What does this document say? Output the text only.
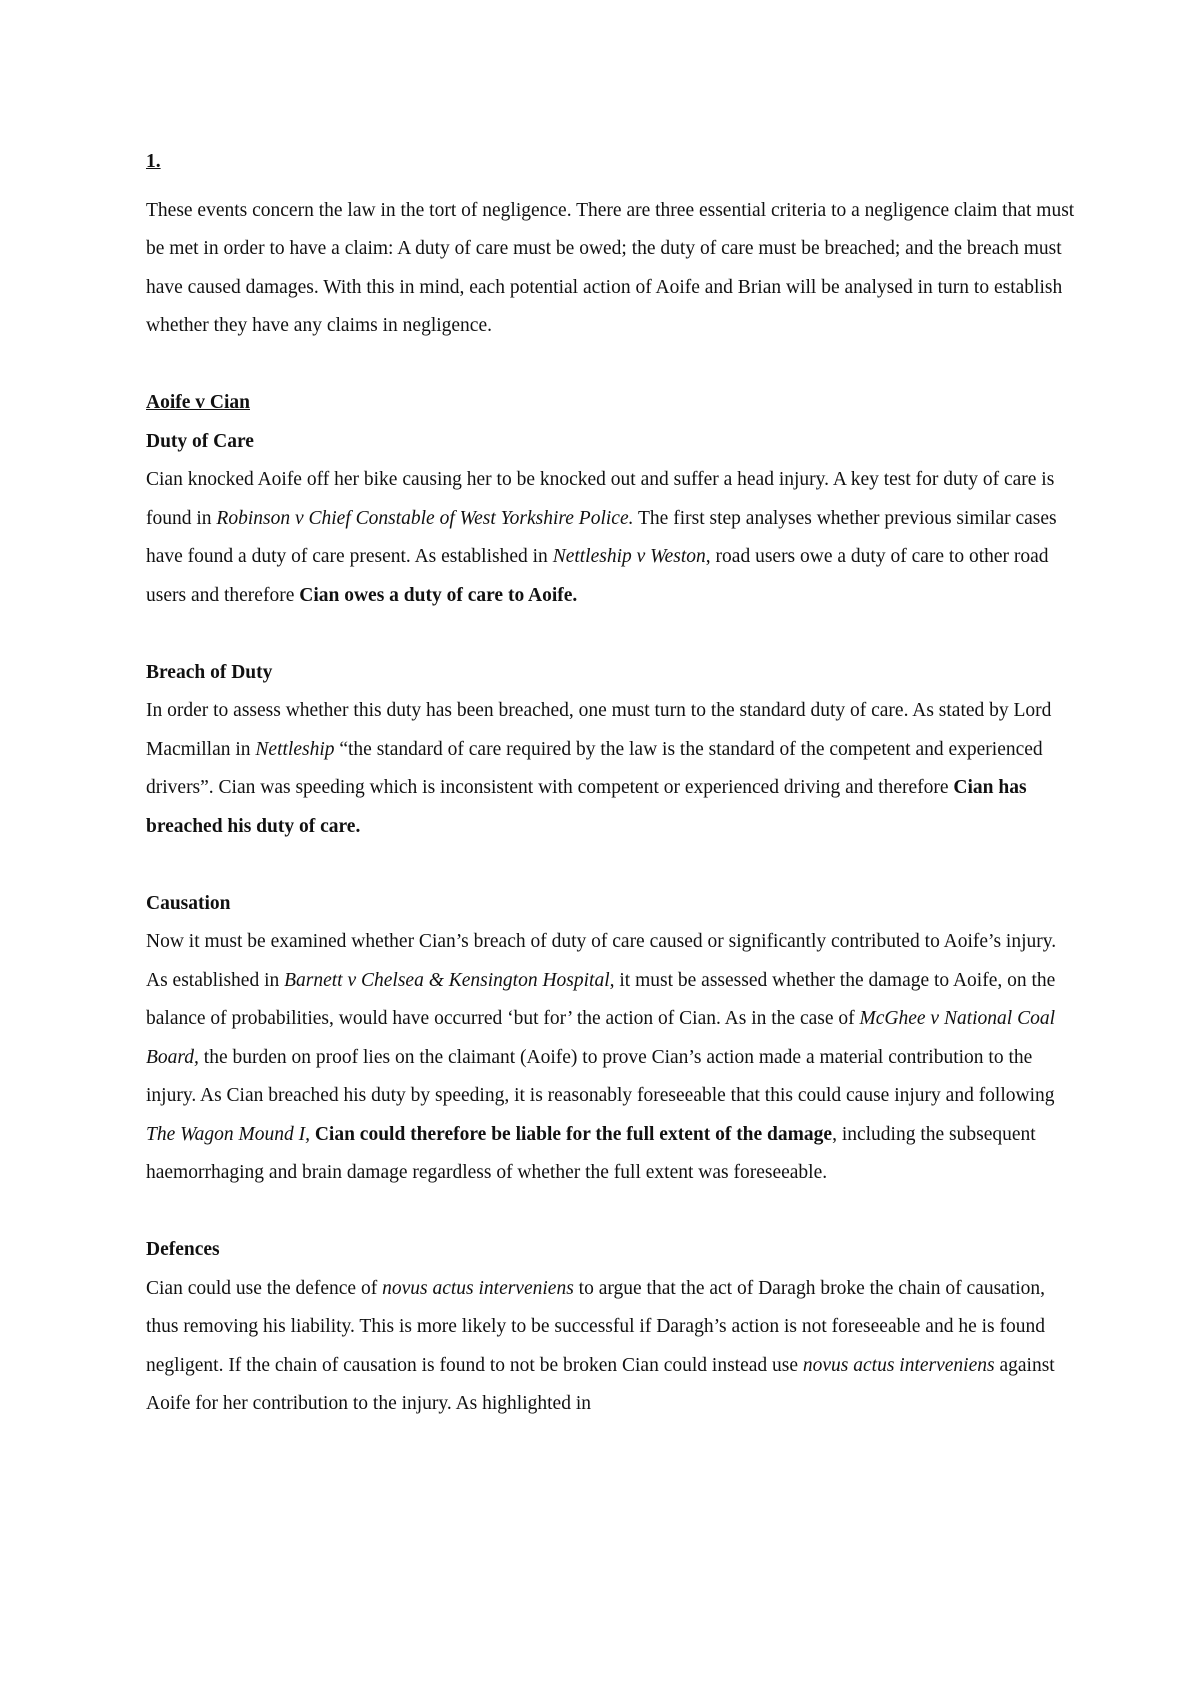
1.

These events concern the law in the tort of negligence. There are three essential criteria to a negligence claim that must be met in order to have a claim: A duty of care must be owed; the duty of care must be breached; and the breach must have caused damages. With this in mind, each potential action of Aoife and Brian will be analysed in turn to establish whether they have any claims in negligence.

Aoife v Cian

Duty of Care

Cian knocked Aoife off her bike causing her to be knocked out and suffer a head injury. A key test for duty of care is found in Robinson v Chief Constable of West Yorkshire Police. The first step analyses whether previous similar cases have found a duty of care present. As established in Nettleship v Weston, road users owe a duty of care to other road users and therefore Cian owes a duty of care to Aoife.

Breach of Duty

In order to assess whether this duty has been breached, one must turn to the standard duty of care. As stated by Lord Macmillan in Nettleship “the standard of care required by the law is the standard of the competent and experienced drivers”. Cian was speeding which is inconsistent with competent or experienced driving and therefore Cian has breached his duty of care.

Causation

Now it must be examined whether Cian’s breach of duty of care caused or significantly contributed to Aoife’s injury. As established in Barnett v Chelsea & Kensington Hospital, it must be assessed whether the damage to Aoife, on the balance of probabilities, would have occurred ‘but for’ the action of Cian. As in the case of McGhee v National Coal Board, the burden on proof lies on the claimant (Aoife) to prove Cian’s action made a material contribution to the injury. As Cian breached his duty by speeding, it is reasonably foreseeable that this could cause injury and following The Wagon Mound I, Cian could therefore be liable for the full extent of the damage, including the subsequent haemorrhaging and brain damage regardless of whether the full extent was foreseeable.

Defences

Cian could use the defence of novus actus interveniens to argue that the act of Daragh broke the chain of causation, thus removing his liability. This is more likely to be successful if Daragh’s action is not foreseeable and he is found negligent. If the chain of causation is found to not be broken Cian could instead use novus actus interveniens against Aoife for her contribution to the injury. As highlighted in
